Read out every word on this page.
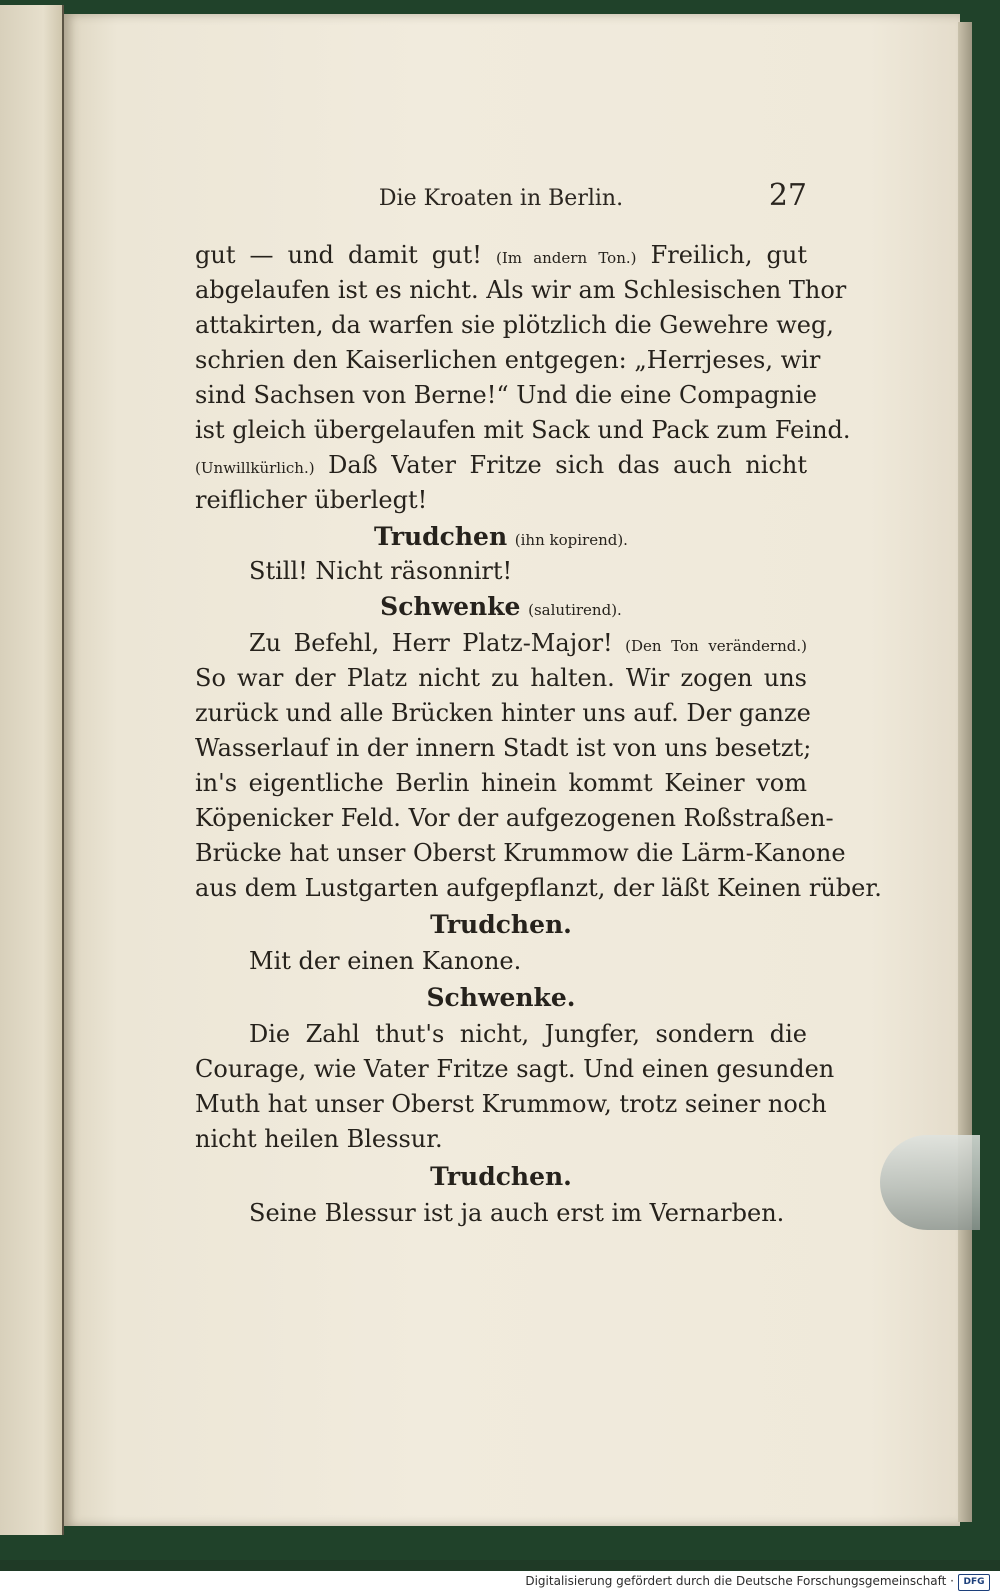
Die Kroaten in Berlin.	27
gut — und damit gut! (Im andern Ton.) Freilich, gut
abgelaufen ist es nicht. Als wir am Schlesischen Thor
attakirten, da warfen sie plötzlich die Gewehre weg,
schrien den Kaiserlichen entgegen: „Herrjeses, wir
sind Sachsen von Berne!“ Und die eine Compagnie
ist gleich übergelaufen mit Sack und Pack zum Feind.
(Unwillkürlich.) Daß Vater Fritze sich das auch nicht
reiflicher überlegt!
Trudchen (ihn kopirend).
Still! Nicht räsonnirt!
Schwenke (salutirend).
Zu Befehl, Herr Platz-Major! (Den Ton verändernd.)
So war der Platz nicht zu halten. Wir zogen uns
zurück und alle Brücken hinter uns auf. Der ganze
Wasserlauf in der innern Stadt ist von uns besetzt;
in's eigentliche Berlin hinein kommt Keiner vom
Köpenicker Feld. Vor der aufgezogenen Roßstraßen-
Brücke hat unser Oberst Krummow die Lärm-Kanone
aus dem Lustgarten aufgepflanzt, der läßt Keinen rüber.
Trudchen.
Mit der einen Kanone.
Schwenke.
Die Zahl thut's nicht, Jungfer, sondern die
Courage, wie Vater Fritze sagt. Und einen gesunden
Muth hat unser Oberst Krummow, trotz seiner noch
nicht heilen Blessur.
Trudchen.
Seine Blessur ist ja auch erst im Vernarben.
Digitalisierung gefördert durch die Deutsche Forschungsgemeinschaft ·	DFG
